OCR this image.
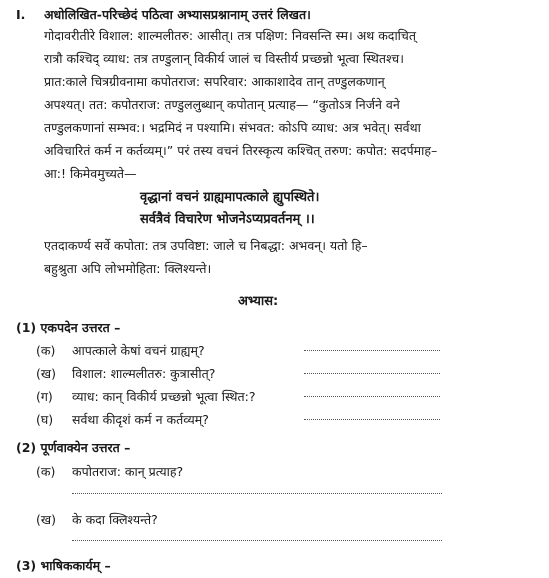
I. अधोलिखित-परिच्छेदं पठित्वा अभ्यासप्रश्नानाम् उत्तरं लिखत।
गोदावरीतीरे विशाल: शाल्मलीतरु: आसीत्। तत्र पक्षिण: निवसन्ति स्म। अथ कदाचित्
रात्रौ कश्चिद् व्याध: तत्र तण्डुलान् विकीर्य जालं च विस्तीर्य प्रच्छन्नो भूत्वा स्थितश्च।
प्रात:काले चित्रग्रीवनामा कपोतराज: सपरिवार: आकाशादेव तान् तण्डुलकणान्
अपश्यत्। तत: कपोतराज: तण्डुललुब्धान् कपोतान् प्रत्याह— “कुतोऽत्र निर्जने वने
तण्डुलकणानां सम्भव:। भद्रमिदं न पश्यामि। संभवत: कोऽपि व्याध: अत्र भवेत्। सर्वथा
अविचारितं कर्म न कर्तव्यम्।” परं तस्य वचनं तिरस्कृत्य कश्चित् तरुण: कपोत: सदर्पमाह–
आ:! किमेवमुच्यते—
वृद्धानां वचनं ग्राह्यमापत्काले ह्युपस्थिते।
सर्वत्रैवं विचारेण भोजनेऽप्यप्रवर्तनम् ।।
एतदाकर्ण्य सर्वे कपोता: तत्र उपविष्टा: जाले च निबद्धा: अभवन्। यतो हि–
बहुश्रुता अपि लोभमोहिता: क्लिश्यन्ते।
अभ्यास:
(1) एकपदेन उत्तरत –
(क) आपत्काले केषां वचनं ग्राह्यम्?
(ख) विशाल: शाल्मलीतरु: कुत्रासीत्?
(ग) व्याध: कान् विकीर्य प्रच्छन्नो भूत्वा स्थित:?
(घ) सर्वथा कीदृशं कर्म न कर्तव्यम्?
(2) पूर्णवाक्येन उत्तरत –
(क) कपोतराज: कान् प्रत्याह?
(ख) के कदा क्लिश्यन्ते?
(3) भाषिककार्यम् –
